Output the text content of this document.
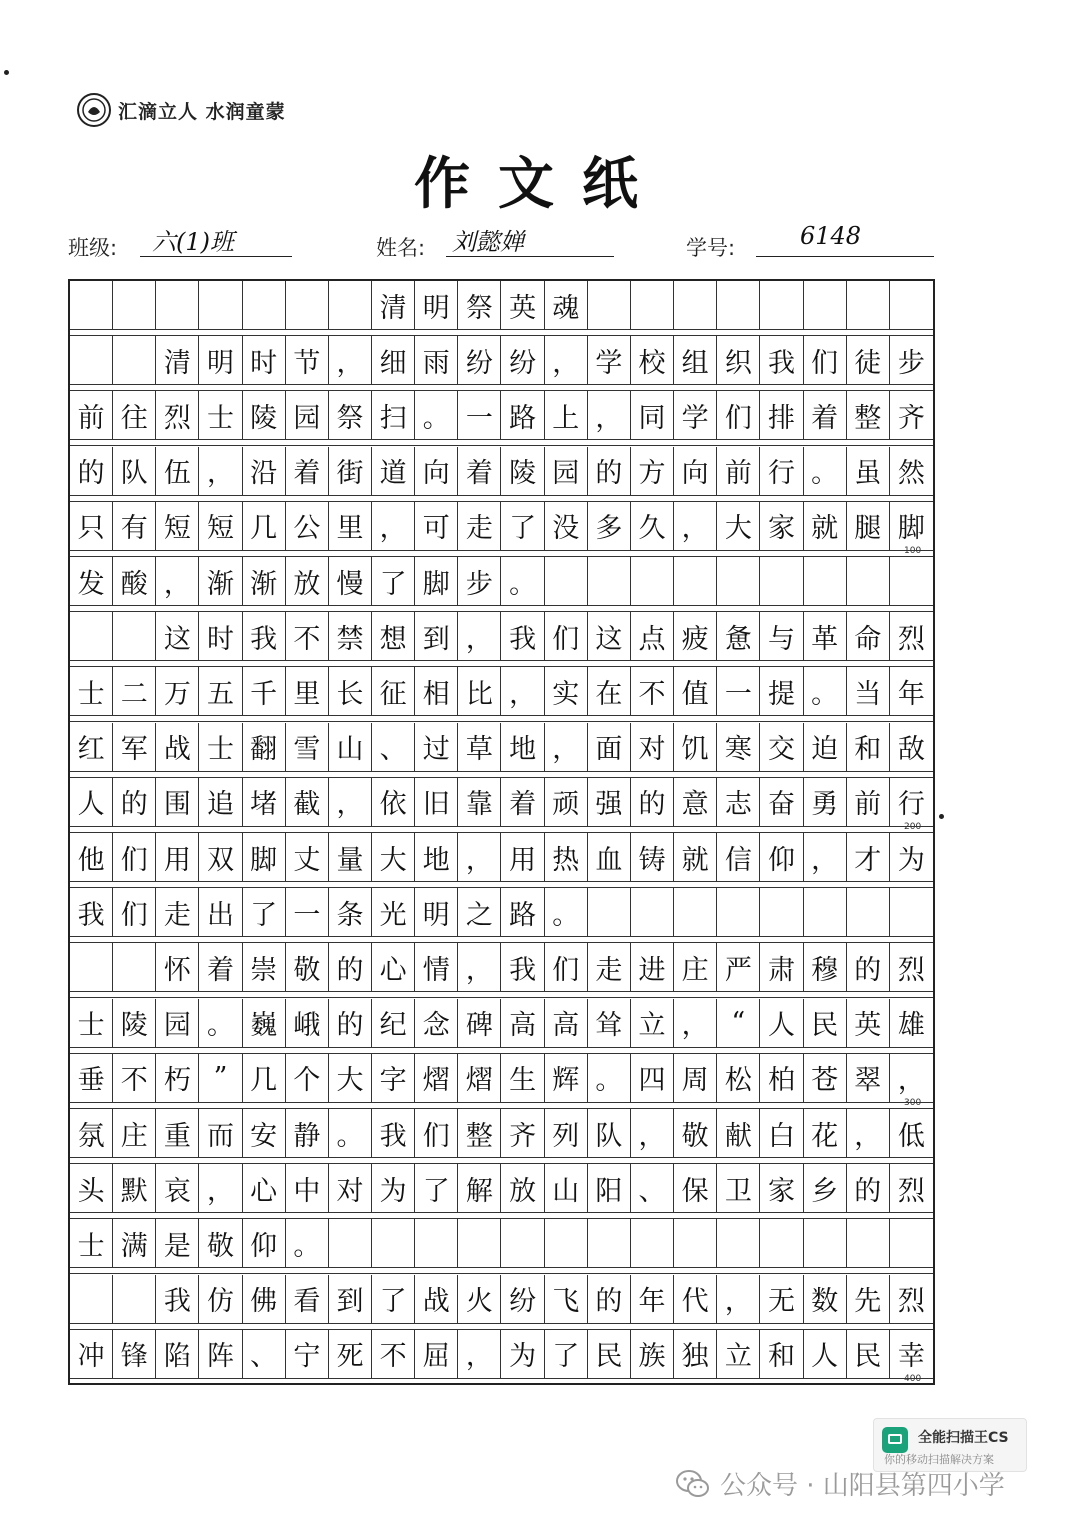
汇滴立人 水润童蒙
作文纸
班级: 六(1)班	姓名: 刘懿婵	学号:	6148
清 明 祭 英 魂
清 明 时 节 ， 细 雨 纷 纷 ， 学 校 组 织 我 们 徒 步
前 往 烈 士 陵 园 祭 扫 。 一 路 上 ， 同 学 们 排 着 整 齐
的 队 伍 ， 沿 着 街 道 向 着 陵 园 的 方 向 前 行 。 虽 然
只 有 短 短 几 公 里 ， 可 走 了 没 多 久 ， 大 家 就 腿 脚
发 酸 ， 渐 渐 放 慢 了 脚 步 。
这 时 我 不 禁 想 到 ， 我 们 这 点 疲 惫 与 革 命 烈
士 二 万 五 千 里 长 征 相 比 ， 实 在 不 值 一 提 。 当 年
红 军 战 士 翻 雪 山 、 过 草 地 ， 面 对 饥 寒 交 迫 和 敌
人 的 围 追 堵 截 ， 依 旧 靠 着 顽 强 的 意 志 奋 勇 前 行
他 们 用 双 脚 丈 量 大 地 ， 用 热 血 铸 就 信 仰 ， 才 为
我 们 走 出 了 一 条 光 明 之 路 。
怀 着 崇 敬 的 心 情 ， 我 们 走 进 庄 严 肃 穆 的 烈
士 陵 园 。 巍 峨 的 纪 念 碑 高 高 耸 立 ， “ 人 民 英 雄
垂 不 朽 ” 几 个 大 字 熠 熠 生 辉 。 四 周 松 柏 苍 翠 ，
氛 庄 重 而 安 静 。 我 们 整 齐 列 队 ， 敬 献 白 花 ， 低
头 默 哀 ， 心 中 对 为 了 解 放 山 阳 、 保 卫 家 乡 的 烈
士 满 是 敬 仰 。
我 仿 佛 看 到 了 战 火 纷 飞 的 年 代 ， 无 数 先 烈
冲 锋 陷 阵 、 宁 死 不 屈 ， 为 了 民 族 独 立 和 人 民 幸
100
200
300
400
全能扫描王CS
你的移动扫描解决方案
公众号 · 山阳县第四小学
